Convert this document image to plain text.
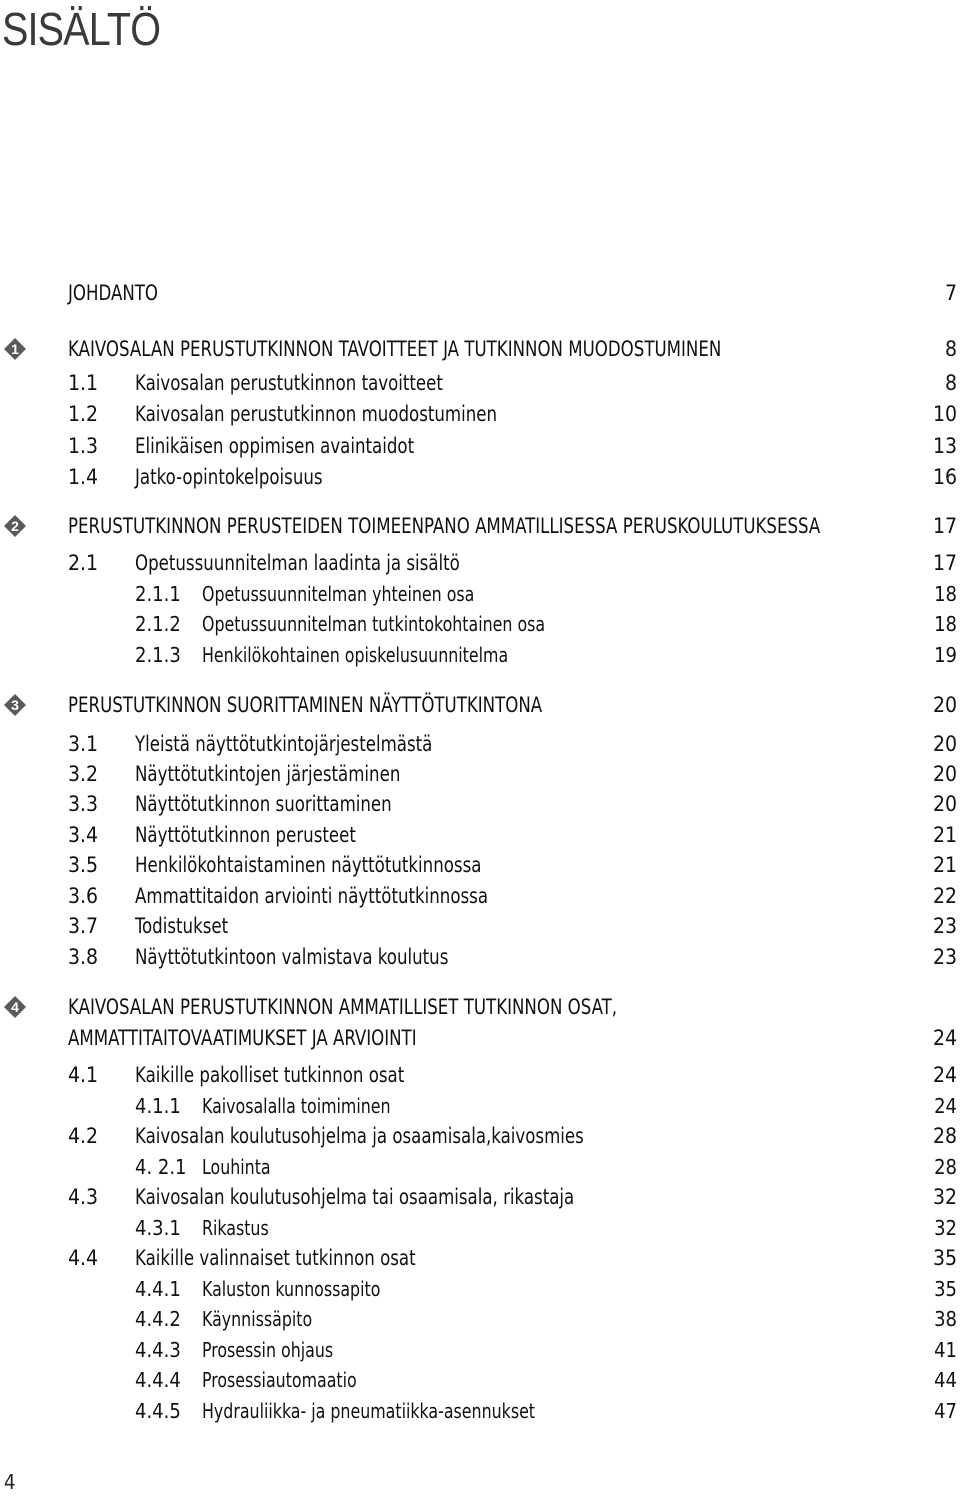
SISÄLTÖ
JOHDANTO	7
1 KAIVOSALAN PERUSTUTKINNON TAVOITTEET JA TUTKINNON MUODOSTUMINEN	8
1.1 Kaivosalan perustutkinnon tavoitteet	8
1.2 Kaivosalan perustutkinnon muodostuminen	10
1.3 Elinikäisen oppimisen avaintaidot	13
1.4 Jatko-opintokelpoisuus	16
2 PERUSTUTKINNON PERUSTEIDEN TOIMEENPANO AMMATILLISESSA PERUSKOULUTUKSESSA	17
2.1 Opetussuunnitelman laadinta ja sisältö	17
2.1.1 Opetussuunnitelman yhteinen osa	18
2.1.2 Opetussuunnitelman tutkintokohtainen osa	18
2.1.3 Henkilökohtainen opiskelusuunnitelma	19
3 PERUSTUTKINNON SUORITTAMINEN NÄYTTÖTUTKINTONA	20
3.1 Yleistä näyttötutkintojärjestelmästä	20
3.2 Näyttötutkintojen järjestäminen	20
3.3 Näyttötutkinnon suorittaminen	20
3.4 Näyttötutkinnon perusteet	21
3.5 Henkilökohtaistaminen näyttötutkinnossa	21
3.6 Ammattitaidon arviointi näyttötutkinnossa	22
3.7 Todistukset	23
3.8 Näyttötutkintoon valmistava koulutus	23
4 KAIVOSALAN PERUSTUTKINNON AMMATILLISET TUTKINNON OSAT,
AMMATTITAITOVAATIMUKSET JA ARVIOINTI	24
4.1 Kaikille pakolliset tutkinnon osat	24
4.1.1 Kaivosalalla toimiminen	24
4.2 Kaivosalan koulutusohjelma ja osaamisala,kaivosmies	28
4. 2.1 Louhinta	28
4.3 Kaivosalan koulutusohjelma tai osaamisala, rikastaja	32
4.3.1 Rikastus	32
4.4 Kaikille valinnaiset tutkinnon osat	35
4.4.1 Kaluston kunnossapito	35
4.4.2 Käynnissäpito	38
4.4.3 Prosessin ohjaus	41
4.4.4 Prosessiautomaatio	44
4.4.5 Hydrauliikka- ja pneumatiikka-asennukset	47
4
